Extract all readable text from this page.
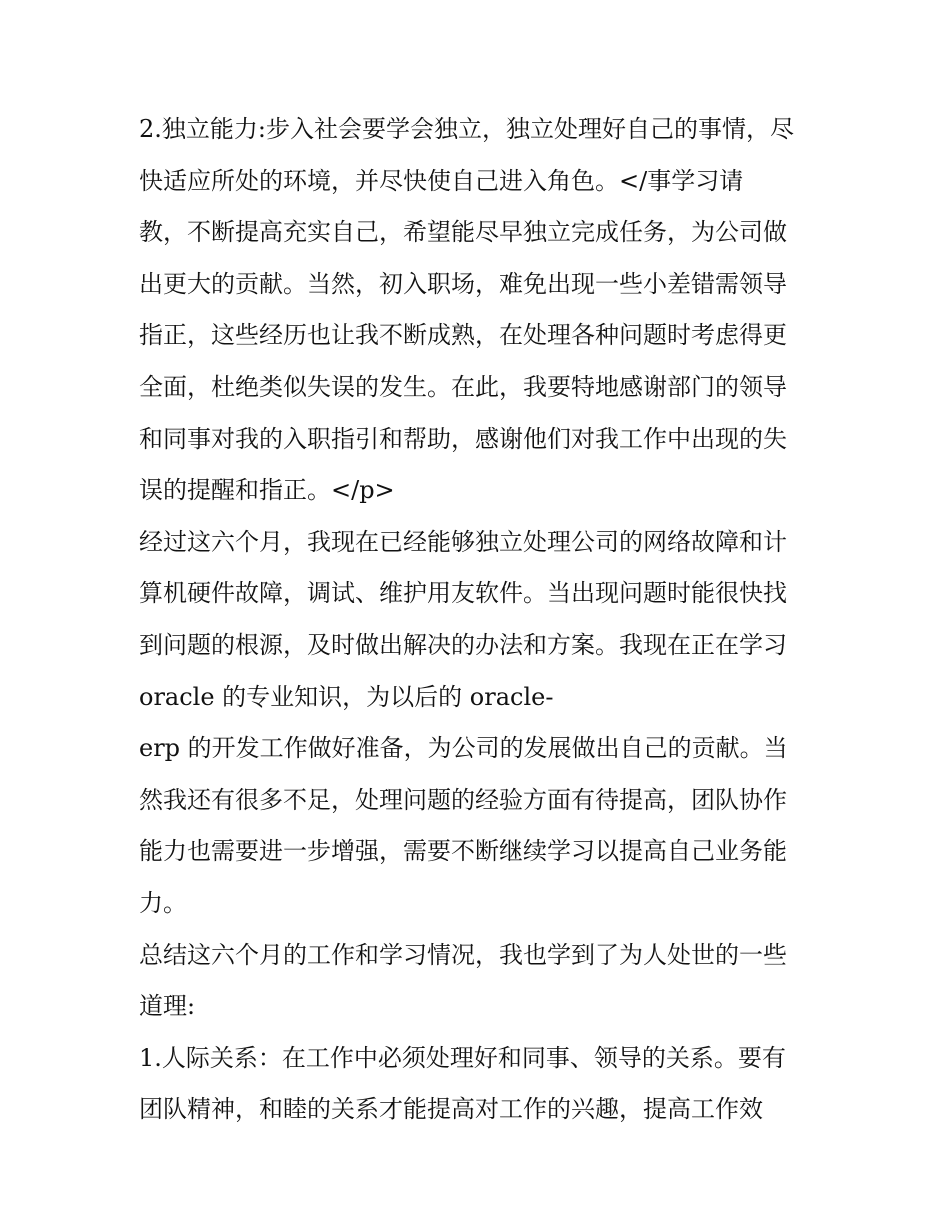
2.独立能力:步入社会要学会独立，独立处理好自己的事情，尽
快适应所处的环境，并尽快使自己进入角色。</事学习请
教，不断提高充实自己，希望能尽早独立完成任务，为公司做
出更大的贡献。当然，初入职场，难免出现一些小差错需领导
指正，这些经历也让我不断成熟，在处理各种问题时考虑得更
全面，杜绝类似失误的发生。在此，我要特地感谢部门的领导
和同事对我的入职指引和帮助，感谢他们对我工作中出现的失
误的提醒和指正。</p>
经过这六个月，我现在已经能够独立处理公司的网络故障和计
算机硬件故障，调试、维护用友软件。当出现问题时能很快找
到问题的根源，及时做出解决的办法和方案。我现在正在学习
oracle 的专业知识，为以后的 oracle-
erp 的开发工作做好准备，为公司的发展做出自己的贡献。当
然我还有很多不足，处理问题的经验方面有待提高，团队协作
能力也需要进一步增强，需要不断继续学习以提高自己业务能
力。
总结这六个月的工作和学习情况，我也学到了为人处世的一些
道理:
1.人际关系：在工作中必须处理好和同事、领导的关系。要有
团队精神，和睦的关系才能提高对工作的兴趣，提高工作效
